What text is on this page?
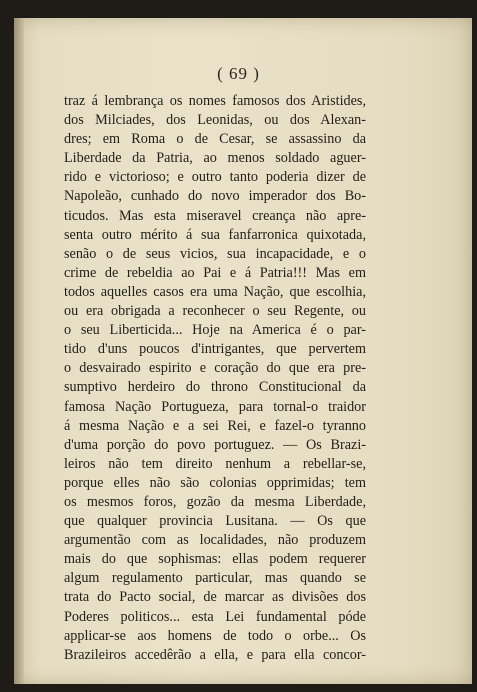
( 69 )
traz á lembrança os nomes famosos dos Aristides,
dos Milciades, dos Leonidas, ou dos Alexan-
dres; em Roma o de Cesar, se assassino da
Liberdade da Patria, ao menos soldado aguer-
rido e victorioso; e outro tanto poderia dizer de
Napoleão, cunhado do novo imperador dos Bo-
ticudos. Mas esta miseravel creança não apre-
senta outro mérito á sua fanfarronica quixotada,
senão o de seus vicios, sua incapacidade, e o
crime de rebeldia ao Pai e á Patria!!! Mas em
todos aquelles casos era uma Nação, que escolhia,
ou era obrigada a reconhecer o seu Regente, ou
o seu Liberticida... Hoje na America é o par-
tido d'uns poucos d'intrigantes, que pervertem
o desvairado espirito e coração do que era pre-
sumptivo herdeiro do throno Constitucional da
famosa Nação Portugueza, para tornal-o traidor
á mesma Nação e a sei Rei, e fazel-o tyranno
d'uma porção do povo portuguez. — Os Brazi-
leiros não tem direito nenhum a rebellar-se,
porque elles não são colonias opprimidas; tem
os mesmos foros, gozão da mesma Liberdade,
que qualquer provincia Lusitana. — Os que
argumentão com as localidades, não produzem
mais do que sophismas: ellas podem requerer
algum regulamento particular, mas quando se
trata do Pacto social, de marcar as divisões dos
Poderes politicos... esta Lei fundamental póde
applicar-se aos homens de todo o orbe... Os
Brazileiros accedêrão a ella, e para ella concor-
